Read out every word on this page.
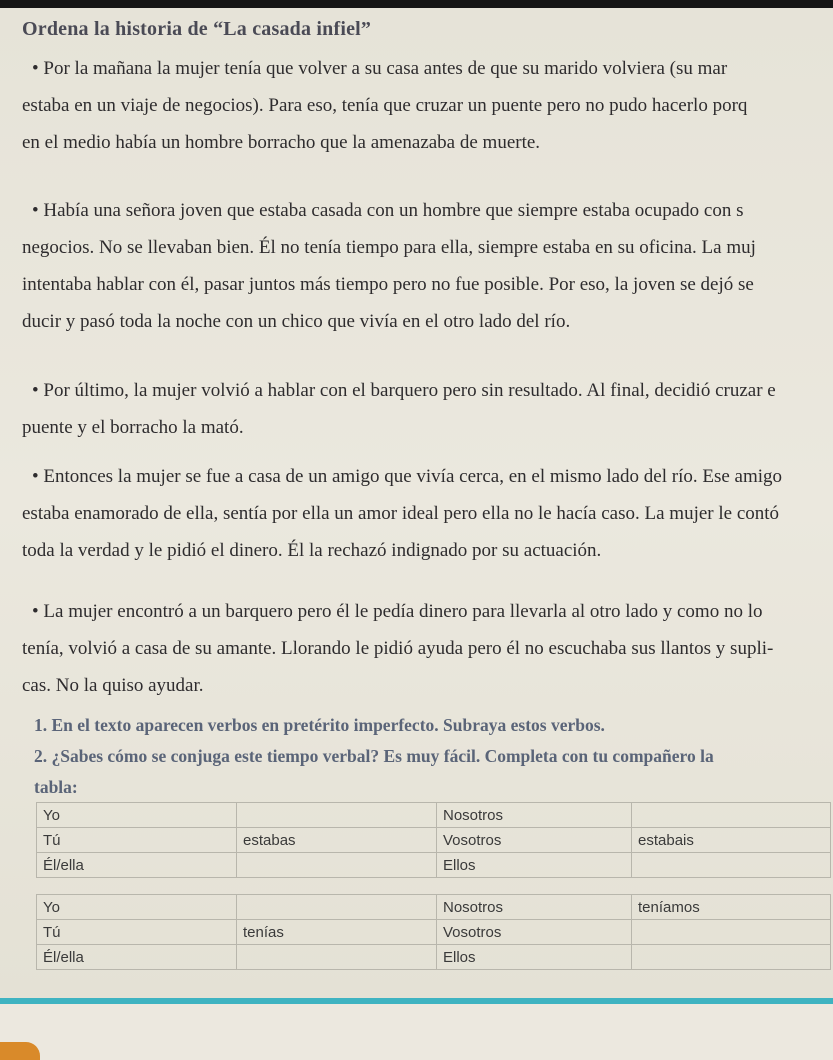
Ordena la historia de “La casada infiel”

• Por la mañana la mujer tenía que volver a su casa antes de que su marido volviera (su mar
estaba en un viaje de negocios). Para eso, tenía que cruzar un puente pero no pudo hacerlo porq
en el medio había un hombre borracho que la amenazaba de muerte.

• Había una señora joven que estaba casada con un hombre que siempre estaba ocupado con s
negocios. No se llevaban bien. Él no tenía tiempo para ella, siempre estaba en su oficina. La muj
intentaba hablar con él, pasar juntos más tiempo pero no fue posible. Por eso, la joven se dejó se
ducir y pasó toda la noche con un chico que vivía en el otro lado del río.

• Por último, la mujer volvió a hablar con el barquero pero sin resultado. Al final, decidió cruzar e
puente y el borracho la mató.

• Entonces la mujer se fue a casa de un amigo que vivía cerca, en el mismo lado del río. Ese amigo
estaba enamorado de ella, sentía por ella un amor ideal pero ella no le hacía caso. La mujer le contó
toda la verdad y le pidió el dinero. Él la rechazó indignado por su actuación.

• La mujer encontró a un barquero pero él le pedía dinero para llevarla al otro lado y como no lo
tenía, volvió a casa de su amante. Llorando le pidió ayuda pero él no escuchaba sus llantos y supli-
cas. No la quiso ayudar.

1. En el texto aparecen verbos en pretérito imperfecto. Subraya estos verbos.

2. ¿Sabes cómo se conjuga este tiempo verbal? Es muy fácil. Completa con tu compañero la

tabla:

Yo		Nosotros	
Tú	estabas	Vosotros	estabais
Él/ella		Ellos	
Yo		Nosotros	teníamos
Tú	tenías	Vosotros	
Él/ella		Ellos	
